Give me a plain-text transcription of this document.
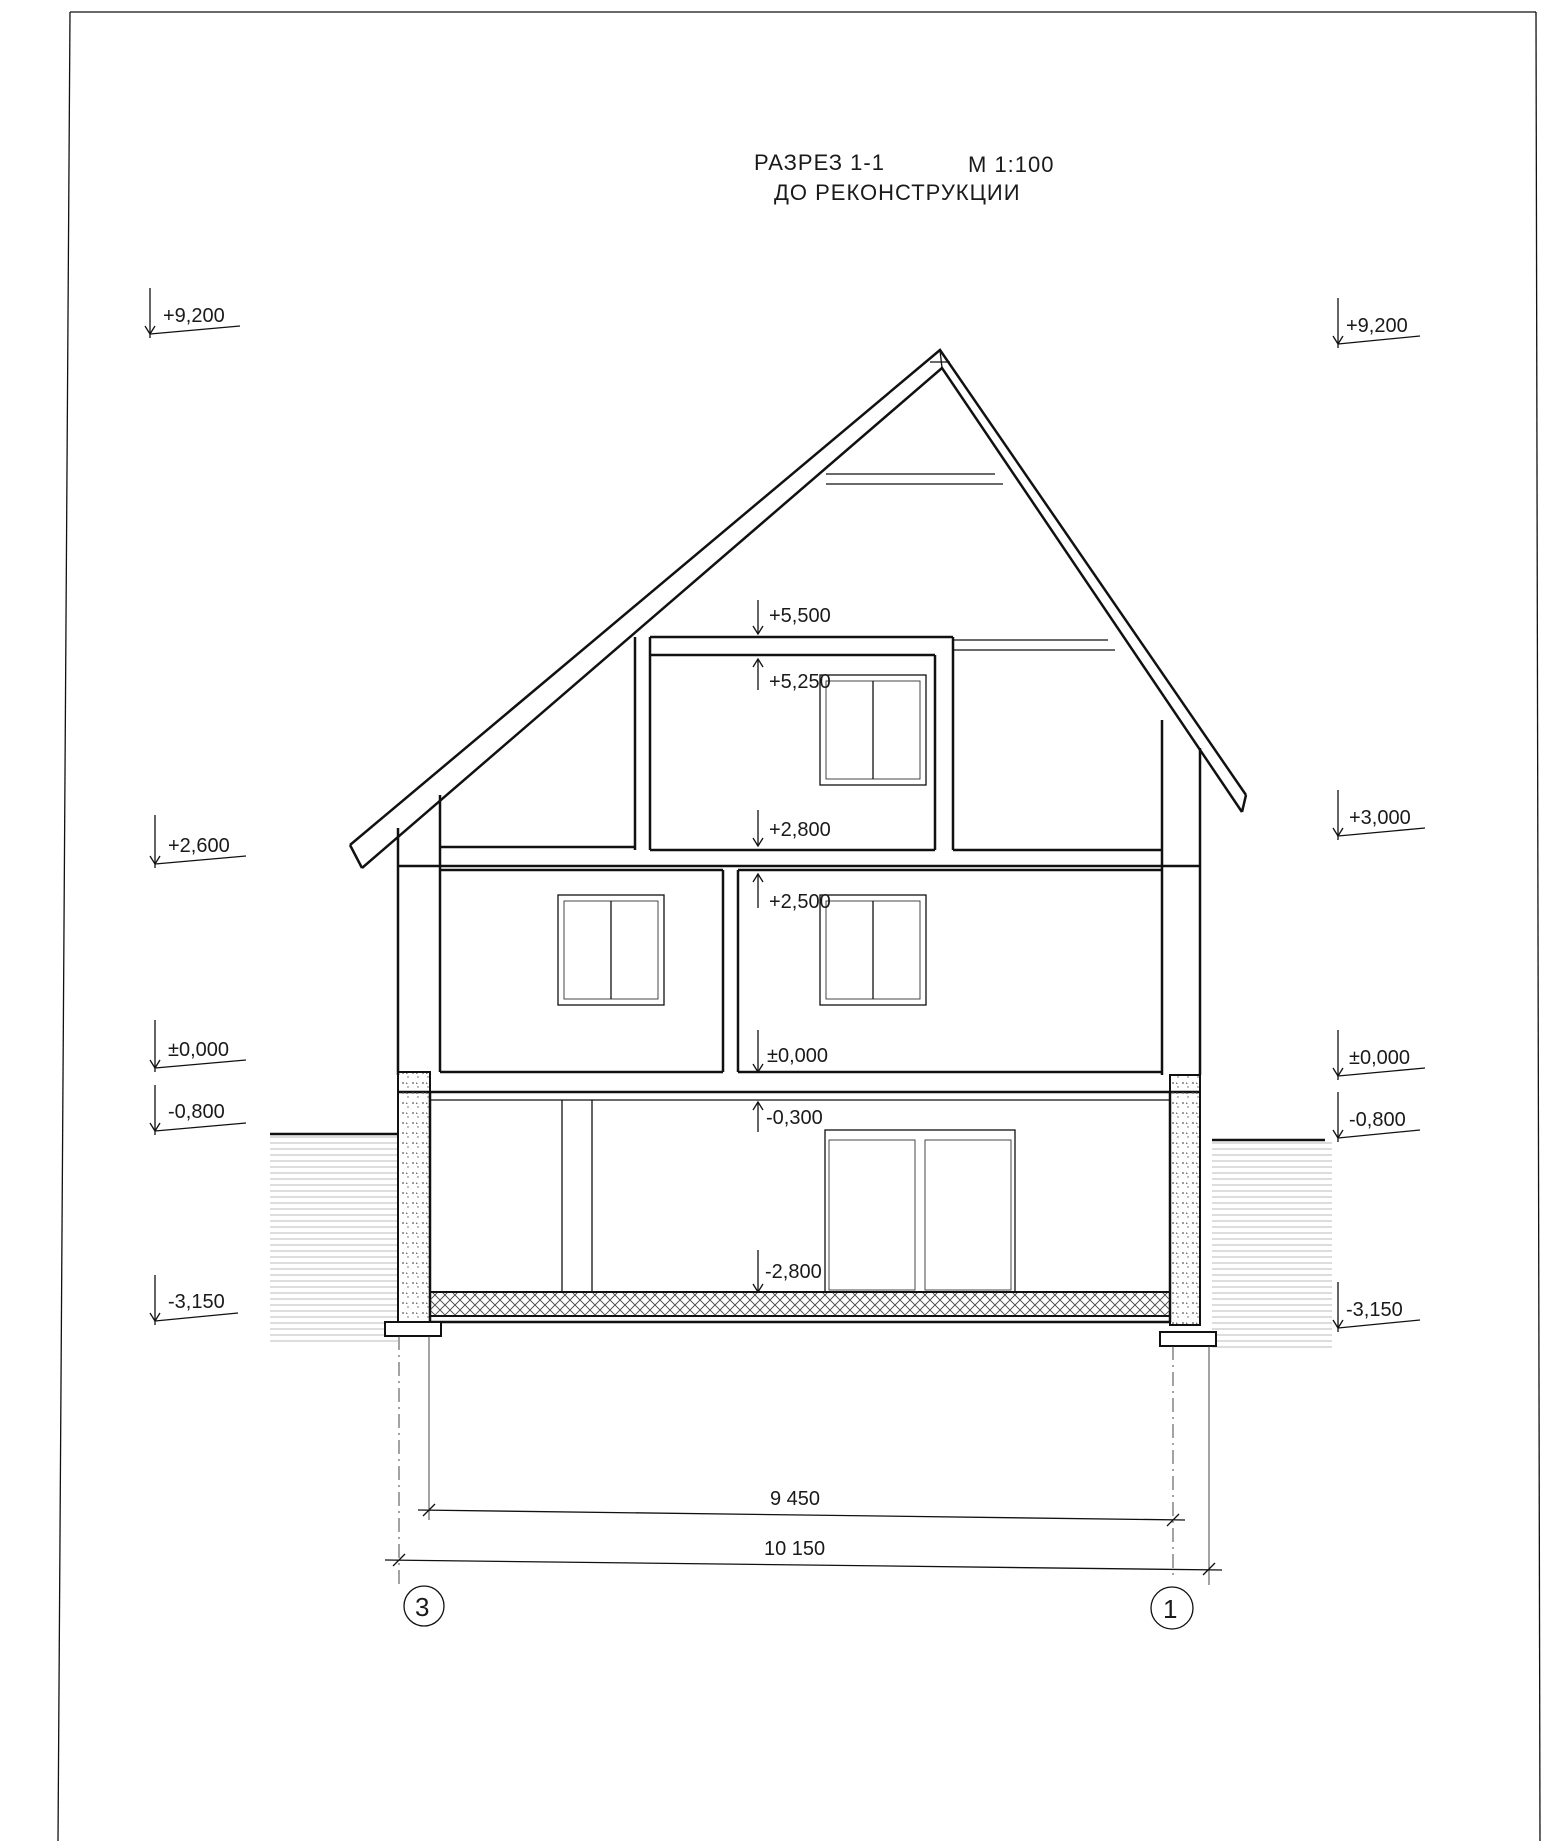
РАЗРЕЗ 1-1	М 1:100
ДО РЕКОНСТРУКЦИИ
9 450
10 150
3	1
+9,200	+9,200
+5,500
+5,250
+2,800
+2,600
+3,000
+2,500
±0,000	±0,000	±0,000
-0,800	-0,800
-0,300
-2,800
-3,150	-3,150
